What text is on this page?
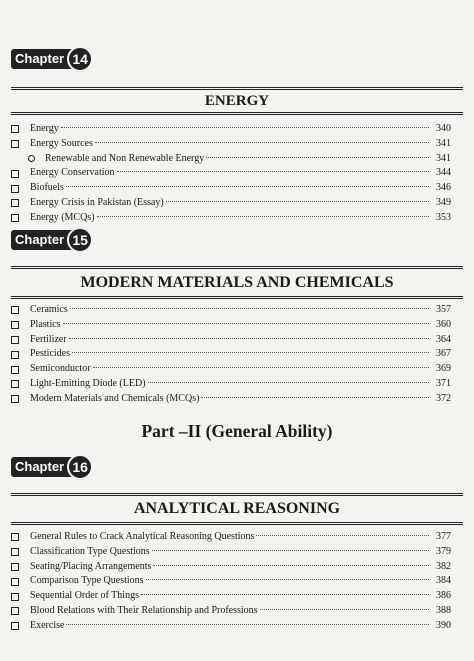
Chapter 14
ENERGY
Energy	340
Energy Sources	341
Renewable and Non Renewable Energy	341
Energy Conservation	344
Biofuels	346
Energy Crisis in Pakistan (Essay)	349
Energy (MCQs)	353
Chapter 15
MODERN MATERIALS AND CHEMICALS
Ceramics	357
Plastics	360
Fertilizer	364
Pesticides	367
Semiconductor	369
Light-Emitting Diode (LED)	371
Modern Materials and Chemicals (MCQs)	372
Part –II (General Ability)
Chapter 16
ANALYTICAL REASONING
General Rules to Crack Analytical Reasoning Questions	377
Classification Type Questions	379
Seating/Placing Arrangements	382
Comparison Type Questions	384
Sequential Order of Things	386
Blood Relations with Their Relationship and Professions	388
Exercise	390
